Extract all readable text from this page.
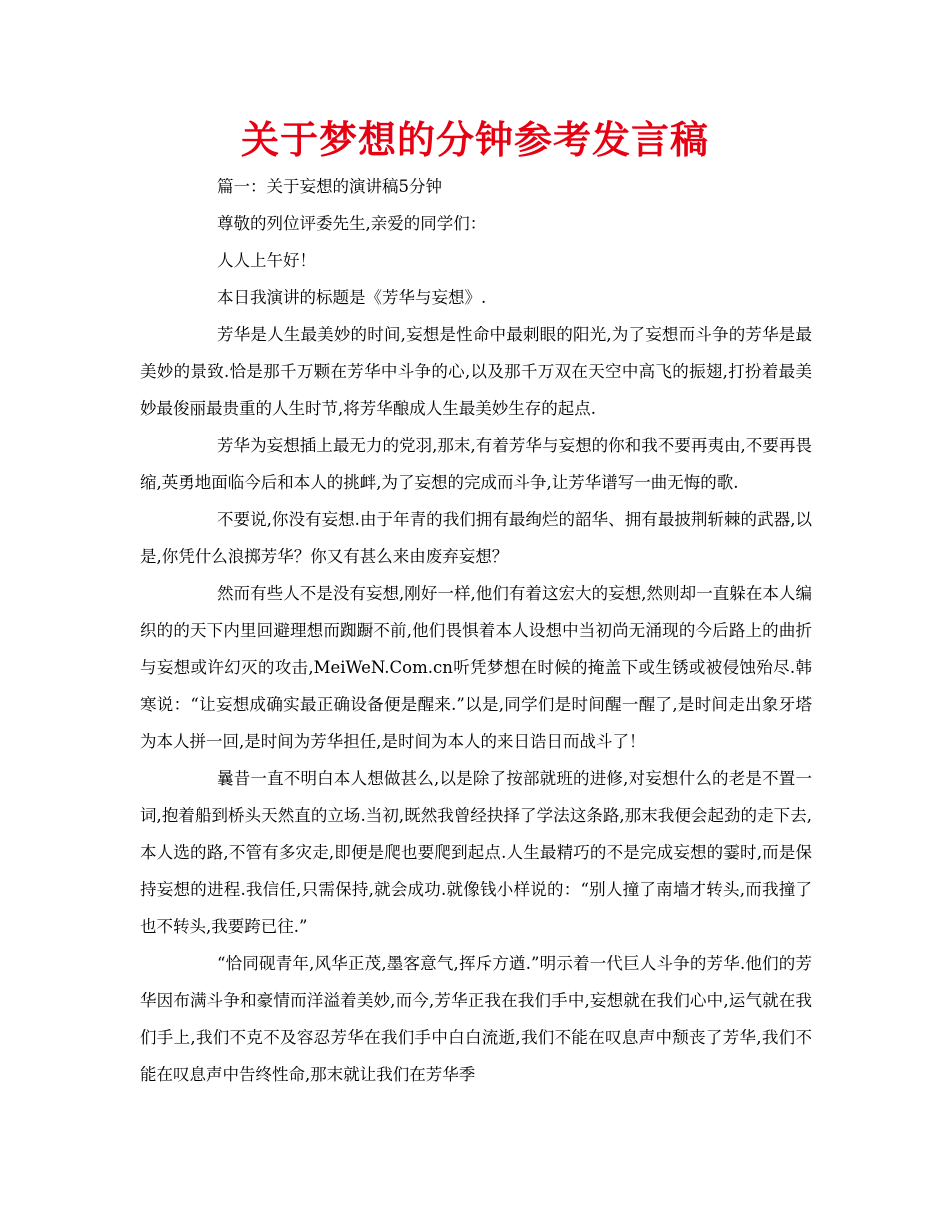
关于梦想的分钟参考发言稿

篇一：关于妄想的演讲稿5分钟

尊敬的列位评委先生,亲爱的同学们：

人人上午好！

本日我演讲的标题是《芳华与妄想》.

芳华是人生最美妙的时间,妄想是性命中最刺眼的阳光,为了妄想而斗争的芳华是最美妙的景致.恰是那千万颗在芳华中斗争的心,以及那千万双在天空中高飞的振翅,打扮着最美妙最俊丽最贵重的人生时节,将芳华酿成人生最美妙生存的起点.

芳华为妄想插上最无力的党羽,那末,有着芳华与妄想的你和我不要再夷由,不要再畏缩,英勇地面临今后和本人的挑衅,为了妄想的完成而斗争,让芳华谱写一曲无悔的歌.

不要说,你没有妄想.由于年青的我们拥有最绚烂的韶华、拥有最披荆斩棘的武器,以是,你凭什么浪掷芳华？你又有甚么来由废弃妄想？

然而有些人不是没有妄想,刚好一样,他们有着这宏大的妄想,然则却一直躲在本人编织的的天下内里回避理想而踟蹰不前,他们畏惧着本人设想中当初尚无涌现的今后路上的曲折与妄想或许幻灭的攻击,MeiWeN.Com.cn听凭梦想在时候的掩盖下或生锈或被侵蚀殆尽.韩寒说：“让妄想成确实最正确设备便是醒来.”以是,同学们是时间醒一醒了,是时间走出象牙塔为本人拼一回,是时间为芳华担任,是时间为本人的来日诰日而战斗了！

曩昔一直不明白本人想做甚么,以是除了按部就班的进修,对妄想什么的老是不置一词,抱着船到桥头天然直的立场.当初,既然我曾经抉择了学法这条路,那末我便会起劲的走下去,本人选的路,不管有多灾走,即便是爬也要爬到起点.人生最精巧的不是完成妄想的霎时,而是保持妄想的进程.我信任,只需保持,就会成功.就像钱小样说的：“别人撞了南墙才转头,而我撞了也不转头,我要跨已往.”

“恰同砚青年,风华正茂,墨客意气,挥斥方遒.”明示着一代巨人斗争的芳华.他们的芳华因布满斗争和豪情而洋溢着美妙,而今,芳华正我在我们手中,妄想就在我们心中,运气就在我们手上,我们不克不及容忍芳华在我们手中白白流逝,我们不能在叹息声中颓丧了芳华,我们不能在叹息声中告终性命,那末就让我们在芳华季
